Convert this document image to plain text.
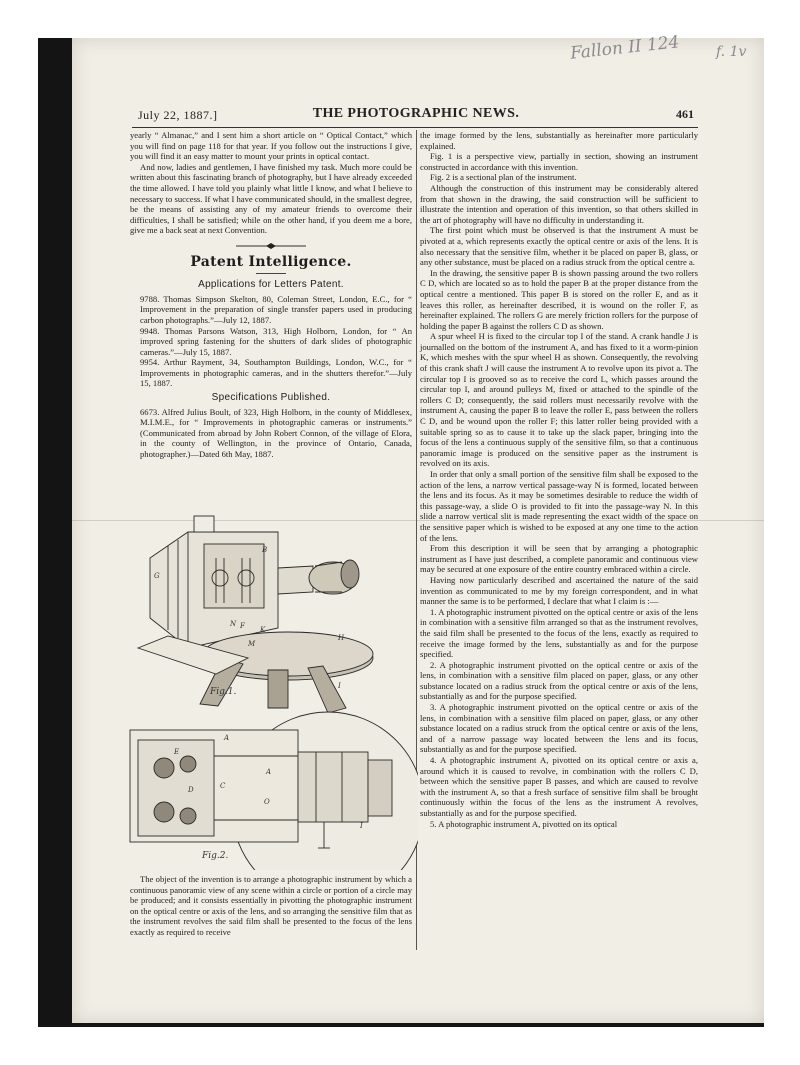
Fallon II 124	f. 1v
July 22, 1887.]	THE PHOTOGRAPHIC NEWS.	461

yearly “ Almanac,” and I sent him a short article on “ Optical Contact,” which you will find on page 118 for that year. If you follow out the instructions I give, you will find it an easy matter to mount your prints in optical contact.

And now, ladies and gentlemen, I have finished my task. Much more could be written about this fascinating branch of photography, but I have already exceeded the time allowed. I have told you plainly what little I know, and what I believe to necessary to success. If what I have communicated should, in the smallest degree, be the means of assisting any of my amateur friends to overcome their difficulties, I shall be satisfied; while on the other hand, if you deem me a bore, give me a back seat at next Convention.

Patent Intelligence.
Applications for Letters Patent.

9788. Thomas Simpson Skelton, 80, Coleman Street, London, E.C., for “ Improvement in the preparation of single transfer papers used in producing carbon photographs.”—July 12, 1887.

9948. Thomas Parsons Watson, 313, High Holborn, London, for “ An improved spring fastening for the shutters of dark slides of photographic cameras.”—July 15, 1887.

9954. Arthur Rayment, 34, Southampton Buildings, London, W.C., for “ Improvements in photographic cameras, and in the shutters therefor.”—July 15, 1887.

Specifications Published.

6673. Alfred Julius Boult, of 323, High Holborn, in the county of Middlesex, M.I.M.E., for “ Improvements in photographic cameras or instruments.” (Communicated from abroad by John Robert Connon, of the village of Elora, in the county of Wellington, in the province of Ontario, Canada, photographer.)—Dated 6th May, 1887.

G
N F
M
K
H
B
I
C
A
E
D
A
O
I
Fig.1.
Fig.2.

The object of the invention is to arrange a photographic instrument by which a continuous panoramic view of any scene within a circle or portion of a circle may be produced; and it consists essentially in pivotting the photographic instrument on the optical centre or axis of the lens, and so arranging the sensitive film that as the instrument revolves the said film shall be presented to the focus of the lens exactly as required to receive

the image formed by the lens, substantially as hereinafter more particularly explained.

Fig. 1 is a perspective view, partially in section, showing an instrument constructed in accordance with this invention.

Fig. 2 is a sectional plan of the instrument.

Although the construction of this instrument may be considerably altered from that shown in the drawing, the said construction will be sufficient to illustrate the intention and operation of this invention, so that others skilled in the art of photography will have no difficulty in understanding it.

The first point which must be observed is that the instrument A must be pivoted at a, which represents exactly the optical centre or axis of the lens. It is also necessary that the sensitive film, whether it be placed on paper B, glass, or any other substance, must be placed on a radius struck from the optical centre a.

In the drawing, the sensitive paper B is shown passing around the two rollers C D, which are located so as to hold the paper B at the proper distance from the optical centre a mentioned. This paper B is stored on the roller E, and as it leaves this roller, as hereinafter described, it is wound on the roller F, as hereinafter explained. The rollers G are merely friction rollers for the purpose of holding the paper B against the rollers C D as shown.

A spur wheel H is fixed to the circular top I of the stand. A crank handle J is journalled on the bottom of the instrument A, and has fixed to it a worm-pinion K, which meshes with the spur wheel H as shown. Consequently, the revolving of this crank shaft J will cause the instrument A to revolve upon its pivot a. The circular top I is grooved so as to receive the cord L, which passes around the circular top I, and around pulleys M, fixed or attached to the spindle of the rollers C D; consequently, the said rollers must necessarily revolve with the instrument A, causing the paper B to leave the roller E, pass between the rollers C D, and be wound upon the roller F; this latter roller being provided with a suitable spring so as to cause it to take up the slack paper, bringing into the focus of the lens a continuous supply of the sensitive film, so that a continuous panoramic image is produced on the sensitive paper as the instrument is revolved on its axis.

In order that only a small portion of the sensitive film shall be exposed to the action of the lens, a narrow vertical passage-way N is formed, located between the lens and its focus. As it may be sometimes desirable to reduce the width of this passage-way, a slide O is provided to fit into the passage-way N. In this slide a narrow vertical slit is made representing the exact width of the space on the sensitive paper which is wished to be exposed at any one time to the action of the lens.

From this description it will be seen that by arranging a photographic instrument as I have just described, a complete panoramic and continuous view may be secured at one exposure of the entire country embraced within a circle.

Having now particularly described and ascertained the nature of the said invention as communicated to me by my foreign correspondent, and in what manner the same is to be performed, I declare that what I claim is :—

1. A photographic instrument pivotted on the optical centre or axis of the lens in combination with a sensitive film arranged so that as the instrument revolves, the said film shall be presented to the focus of the lens, exactly as required to receive the image formed by the lens, substantially as and for the purpose specified.

2. A photographic instrument pivotted on the optical centre or axis of the lens, in combination with a sensitive film placed on paper, glass, or any other substance located on a radius struck from the optical centre or axis of the lens, substantially as and for the purpose specified.

3. A photographic instrument pivotted on the optical centre or axis of the lens, in combination with a sensitive film placed on paper, glass, or any other substance located on a radius struck from the optical centre or axis of the lens, and of a narrow passage way located between the lens and its focus, substantially as and for the purpose specified.

4. A photographic instrument A, pivotted on its optical centre or axis a, around which it is caused to revolve, in combination with the rollers C D, between which the sensitive paper B passes, and which are caused to revolve with the instrument A, so that a fresh surface of sensitive film shall be brought continuously within the focus of the lens as the instrument A revolves, substantially as and for the purpose specified.

5. A photographic instrument A, pivotted on its optical
